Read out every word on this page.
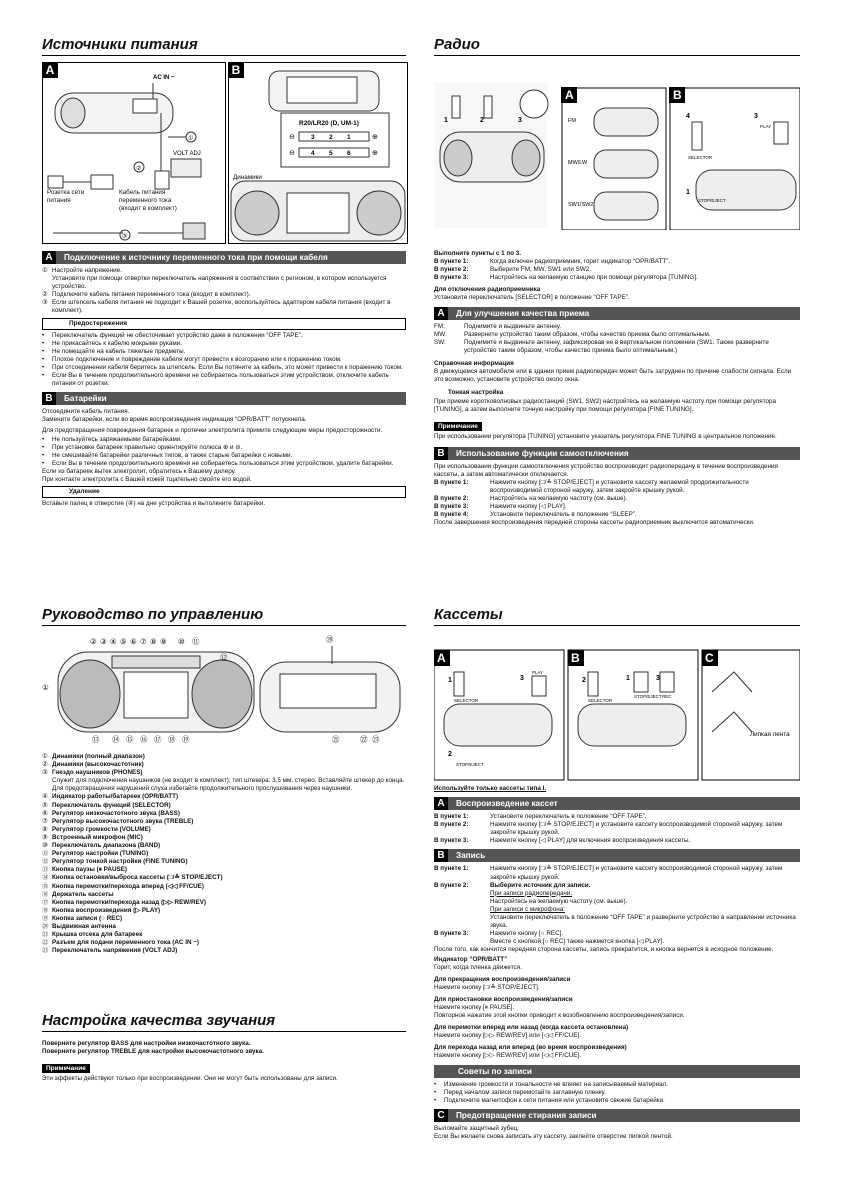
Источники питания
A
AC IN ~
①
②
③
VOLT ADJ
Розетка сети питания
Кабель питания переменного тока (входит в комплект)
B
R20/LR20 (D, UM-1)
⊖	⊕
⊖	⊕
3 2 1
4 5 6
Динамики
A	Подключение к источнику переменного тока при помощи кабеля
① Настройте напряжение.
Установите при помощи отвертки переключатель напряжения в соответствии с регионом, в котором используется устройство.
② Подключите кабель питания переменного тока (входит в комплект).
③ Если штепсель кабеля питания не подходит к Вашей розетке, воспользуйтесь адаптером кабеля питания (входит в комплект).
Предостережения
•	Переключатель функций не обесточивает устройство даже в положении “OFF TAPE”.
•	Не прикасайтесь к кабелю мокрыми руками.
•	Не помещайте на кабель тяжелые предметы.
•	Плохое подключение и повреждение кабеля могут привести к возгоранию или к поражению током.
•	При отсоединении кабеля беритесь за штепсель. Если Вы потяните за кабель, это может привести к поражению током.
•	Если Вы в течение продолжительного времени не собираетесь пользоваться этим устройством, отключите кабель питания от розетки.
B	Батарейки

Отсоедините кабель питания.

Замените батарейки, если во время воспроизведения индикация “OPR/BATT” потускнела.

Для предотвращения повреждения батареек и протечки электролита примите следующие меры предосторожности.

•	Не пользуйтесь заряжаемыми батарейками.
•	При установке батареек правильно ориентируйте полюса ⊕ и ⊖.
•	Не смешивайте батарейки различных типов, а также старые батарейки с новыми.
•	Если Вы в течение продолжительного времени не собираетесь пользоваться этим устройством, удалите батарейки.

Если из батареек вытек электролит, обратитесь к Вашему дилеру.

При контакте электролита с Вашей кожей тщательно смойте его водой.

Удаление
Вставьте палец в отверстие (④) на дне устройства и вытолкните батарейки.
Радио
1	2	3
A
FM
MW/LW
SW1/SW2
B
4	3
1
PLAY
SELECTOR
STOP/EJECT

Выполните пункты с 1 по 3.

В пункте 1:	Когда включен радиоприемник, горит индикатор “OPR/BATT”.
В пункте 2:	Выберите FM, MW, SW1 или SW2.
В пункте 3:	Настройтесь на желаемую станцию при помощи регулятора [TUNING].

Для отключения радиоприемника

Установите переключатель [SELECTOR] в положение “OFF TAPE”.

A	Для улучшения качества приема
FM:	Поднимите и выдвиньте антенну.
MW:	Разверните устройство таким образом, чтобы качество приема было оптимальным.
SW:	Поднимите и выдвиньте антенну, зафиксировав ее в вертикальном положении (SW1: Также разверните устройство таким образом, чтобы качество приема было оптимальным.)

Справочная информация

В движущемся автомобиле или в здании прием радиопередач может быть затруднен по причине слабости сигнала. Если это возможно, установите устройство около окна.

Тонкая настройка

При приеме коротковолновых радиостанций (SW1, SW2) настройтесь на желаемую частоту при помощи регулятора [TUNING], а затем выполните точную настройку при помощи регулятора [FINE TUNING].

Примечание
При использовании регулятора [TUNING] установите указатель регулятора FINE TUNING в центральное положение.
B	Использование функции самоотключения

При использовании функции самоотключения устройство воспроизводит радиопередачу в течение воспроизведения кассеты, а затем автоматически отключается.

В пункте 1:	Нажмите кнопку [□/≙ STOP/EJECT] и установите кассету желаемой продолжительности воспроизводимой стороной наружу, затем закройте крышку рукой.
В пункте 2:	Настройтесь на желаемую частоту (см. выше).
В пункте 3:	Нажмите кнопку [◁ PLAY].
В пункте 4:	Установите переключатель в положение “SLEEP”.

После завершения воспроизведения передней стороны кассеты радиоприемник выключится автоматически.

Руководство по управлению
② ③ ④ ⑤ ⑥ ⑦ ⑧ ⑨ ⑩ ⑪
⑫
①
⑬ ⑭ ⑮ ⑯ ⑰ ⑱ ⑲
⑳
㉑	㉒ ㉓
① Динамики (полный диапазон)
② Динамики (высокочастотник)
③ Гнездо наушников (PHONES)
Служит для подключения наушников (не входит в комплект); тип штекера: 3,5 мм, стерео. Вставляйте штекер до конца. Для предотвращения нарушений слуха избегайте продолжительного прослушивания через наушники.
④ Индикатор работы/батареек (OPR/BATT)
⑤ Переключатель функций (SELECTOR)
⑥ Регулятор низкочастотного звука (BASS)
⑦ Регулятор высокочастотного звука (TREBLE)
⑧ Регулятор громкости (VOLUME)
⑨ Встроенный микрофон (MIC)
⑩ Переключатель диапазона (BAND)
⑪ Регулятор настройки (TUNING)
⑫ Регулятор тонкой настройки (FINE TUNING)
⑬ Кнопка паузы (⏸ PAUSE)
⑭ Кнопка остановки/выброса кассеты (□/≙ STOP/EJECT)
⑮ Кнопка перемотки/перехода вперед (◁◁ FF/CUE)
⑯ Держатель кассеты
⑰ Кнопка перемотки/перехода назад (▷▷ REW/REV)
⑱ Кнопка воспроизведения (▷ PLAY)
⑲ Кнопка записи (○ REC)
⑳ Выдвижная антенна
㉑ Крышка отсека для батареек
㉒ Разъем для подачи переменного тока (AC IN ~)
㉓ Переключатель напряжения (VOLT ADJ)
Настройка качества звучания

Поверните регулятор BASS для настройки низкочастотного звука.

Поверните регулятор TREBLE для настройки высокочастотного звука.

Примечание
Эти эффекты действуют только при воспроизведении. Они не могут быть использованы для записи.
Кассеты
A
1	3
2
SELECTOR
PLAY
STOP/EJECT
B
2	1	3
SELECTOR
STOP/EJECT REC
C
Липкая лента

Используйте только кассеты типа I.

A	Воспроизведение кассет
В пункте 1:	Установите переключатель в положение “OFF TAPE”.
В пункте 2:	Нажмите кнопку [□/≙ STOP/EJECT] и установите кассету воспроизводимой стороной наружу, затем закройте крышку рукой.
В пункте 3:	Нажмите кнопку [◁ PLAY] для включения воспроизведения кассеты.
B	Запись
В пункте 1:	Нажмите кнопку [□/≙ STOP/EJECT] и установите кассету воспроизводимой стороной наружу, затем закройте крышку рукой.
В пункте 2:	Выберите источник для записи.
При записи радиопередачи:
Настройтесь на желаемую частоту (см. выше).
При записи с микрофона:
Установите переключатель в положение “OFF TAPE” и разверните устройство в направлении источника звука.
В пункте 3:	Нажмите кнопку [○ REC].
Вместе с кнопкой [○ REC] также нажмется кнопка [◁ PLAY].

После того, как кончится передняя сторона кассеты, запись прекратится, и кнопка вернется в исходное положение.

Индикатор “OPR/BATT”

Горит, когда пленка движется.

Для прекращения воспроизведения/записи

Нажмите кнопку [□/≙ STOP/EJECT].

Для приостановки воспроизведения/записи

Нажмите кнопку [⏸ PAUSE].

Повторное нажатие этой кнопки приводит к возобновлению воспроизведения/записи.

Для перемотки вперед или назад (когда кассета остановлена)

Нажмите кнопку [▷▷ REW/REV] или [◁◁ FF/CUE].

Для перехода назад или вперед (во время воспроизведения)

Нажмите кнопку [▷▷ REW/REV] или [◁◁ FF/CUE].

Советы по записи
•	Изменение громкости и тональности не влияет на записываемый материал.
•	Перед началом записи перемотайте заглавную пленку.
•	Подключите магнитофон к сети питания или установите свежие батарейки.
C	Предотвращение стирания записи

Выломайте защитный зубец.

Если Вы желаете снова записать эту кассету, заклейте отверстие липкой лентой.
